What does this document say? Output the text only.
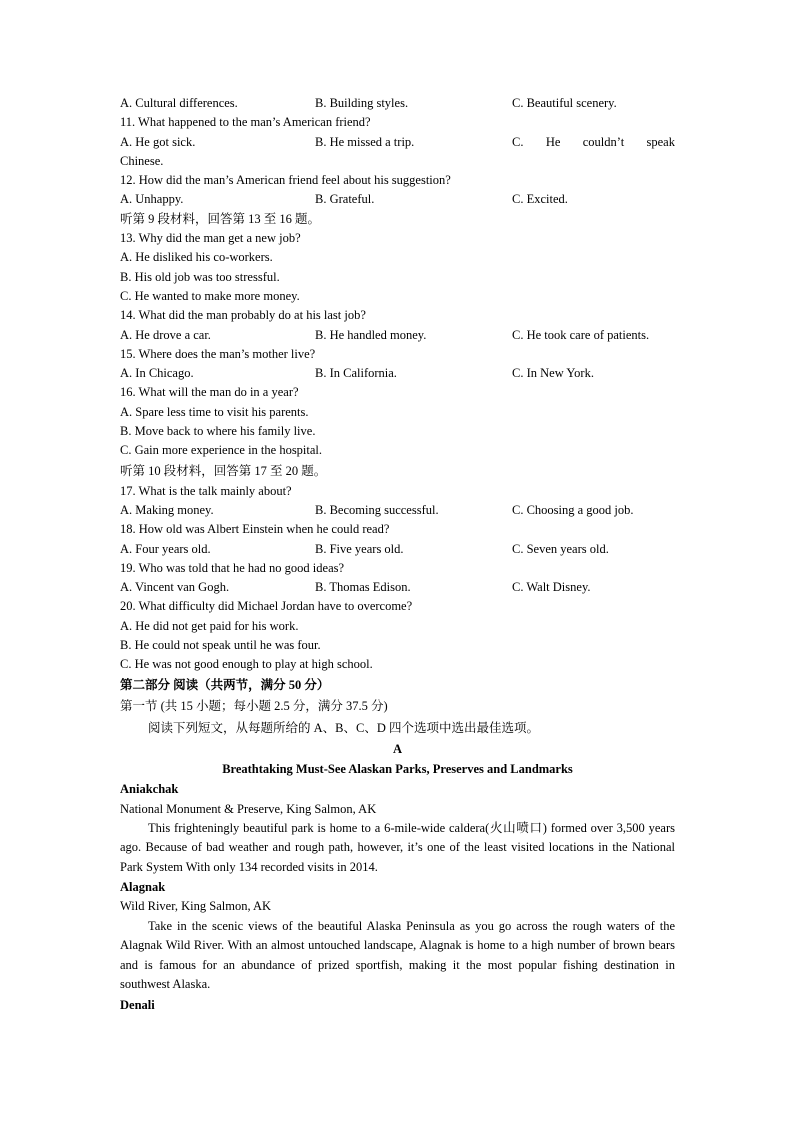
A. Cultural differences.	B. Building styles.	C. Beautiful scenery.
11. What happened to the man’s American friend?
A. He got sick.	B. He missed a trip.	C. He couldn’t speak
Chinese.
12. How did the man’s American friend feel about his suggestion?
A. Unhappy.	B. Grateful.	C. Excited.
听第 9 段材料，回答第 13 至 16 题。
13. Why did the man get a new job?
A. He disliked his co-workers.
B. His old job was too stressful.
C. He wanted to make more money.
14. What did the man probably do at his last job?
A. He drove a car.	B. He handled money.	C. He took care of patients.
15. Where does the man’s mother live?
A. In Chicago.	B. In California.	C. In New York.
16. What will the man do in a year?
A. Spare less time to visit his parents.
B. Move back to where his family live.
C. Gain more experience in the hospital.
听第 10 段材料，回答第 17 至 20 题。
17. What is the talk mainly about?
A. Making money.	B. Becoming successful.	C. Choosing a good job.
18. How old was Albert Einstein when he could read?
A. Four years old.	B. Five years old.	C. Seven years old.
19. Who was told that he had no good ideas?
A. Vincent van Gogh.	B. Thomas Edison.	C. Walt Disney.
20. What difficulty did Michael Jordan have to overcome?
A. He did not get paid for his work.
B. He could not speak until he was four.
C. He was not good enough to play at high school.
第二部分 阅读（共两节，满分 50 分）
第一节 (共 15 小题；每小题 2.5 分，满分 37.5 分)
阅读下列短文，从每题所给的 A、B、C、D 四个选项中选出最佳选项。
A
Breathtaking Must-See Alaskan Parks, Preserves and Landmarks
Aniakchak
National Monument & Preserve, King Salmon, AK
This frighteningly beautiful park is home to a 6-mile-wide caldera(火山喷口) formed over 3,500 years ago. Because of bad weather and rough path, however, it’s one of the least visited locations in the National Park System With only 134 recorded visits in 2014.
Alagnak
Wild River, King Salmon, AK
Take in the scenic views of the beautiful Alaska Peninsula as you go across the rough waters of the Alagnak Wild River. With an almost untouched landscape, Alagnak is home to a high number of brown bears and is famous for an abundance of prized sportfish, making it the most popular fishing destination in southwest Alaska.
Denali
